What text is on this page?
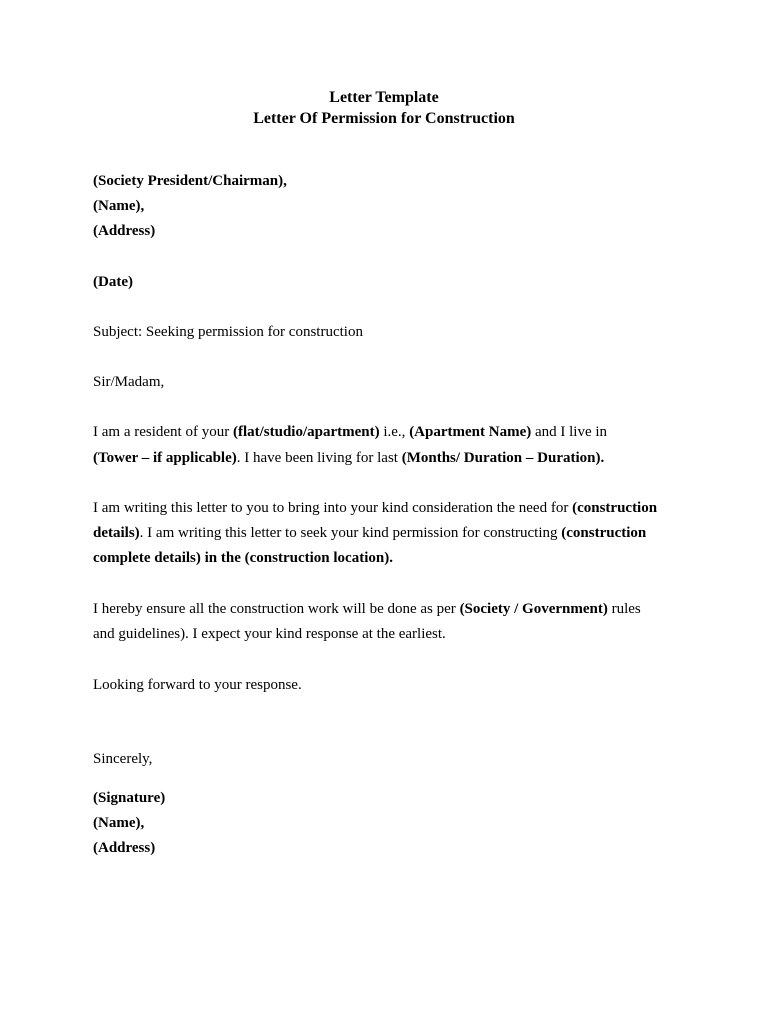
Letter Template
Letter Of Permission for Construction
(Society President/Chairman),
(Name),
(Address)
(Date)
Subject: Seeking permission for construction
Sir/Madam,
I am a resident of your (flat/studio/apartment) i.e., (Apartment Name) and I live in
(Tower – if applicable). I have been living for last (Months/ Duration – Duration).
I am writing this letter to you to bring into your kind consideration the need for (construction
details). I am writing this letter to seek your kind permission for constructing (construction
complete details) in the (construction location).
I hereby ensure all the construction work will be done as per (Society / Government) rules
and guidelines). I expect your kind response at the earliest.
Looking forward to your response.
Sincerely,
(Signature)
(Name),
(Address)
